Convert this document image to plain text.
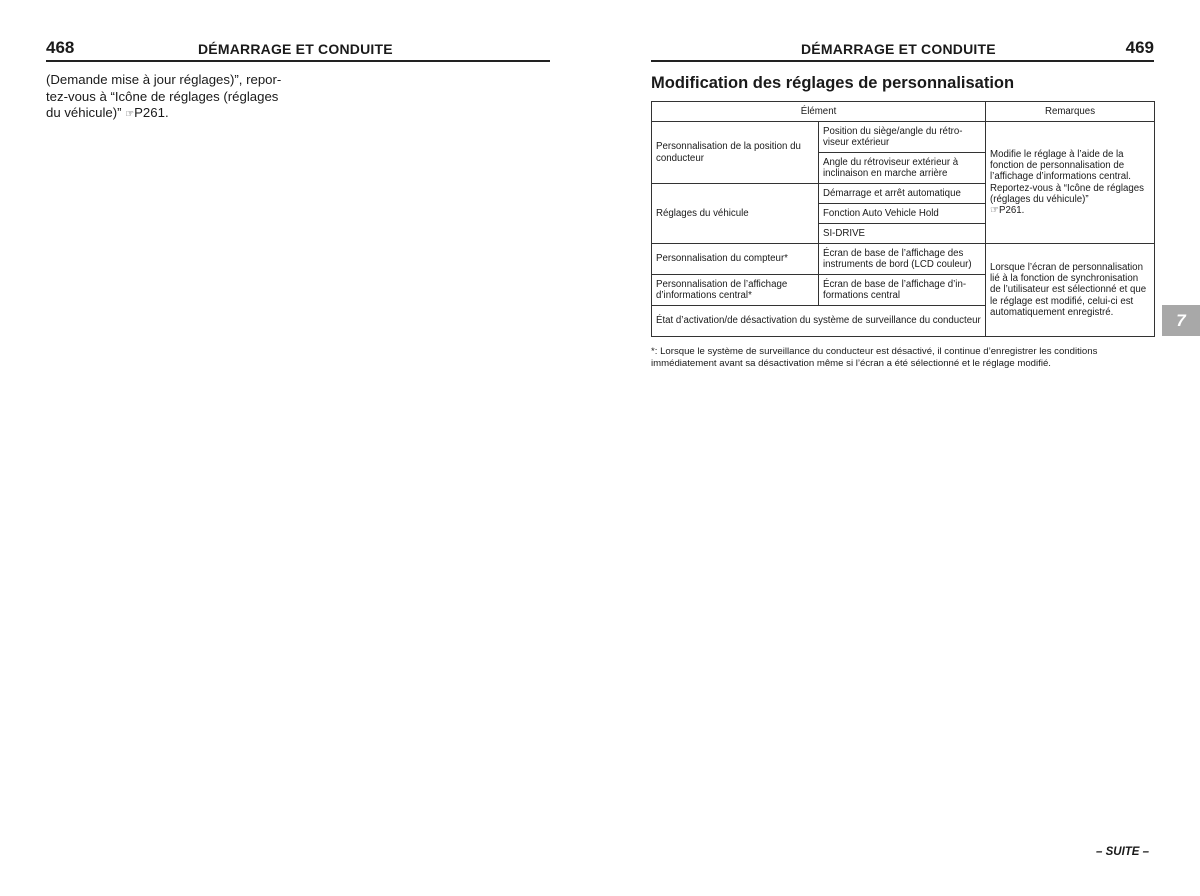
468	DÉMARRAGE ET CONDUITE
(Demande mise à jour réglages)”, repor-
tez-vous à “Icône de réglages (réglages
du véhicule)” ☞P261.
DÉMARRAGE ET CONDUITE	469
Modification des réglages de personnalisation
Élément		Remarques
Personnalisation de la position du conducteur	Position du siège/angle du rétro-viseur extérieur	Modifie le réglage à l’aide de la fonction de personnalisation de l’affichage d’informations central. Reportez-vous à “Icône de réglages (réglages du véhicule)”
☞P261.
	Angle du rétroviseur extérieur à inclinaison en marche arrière	
Réglages du véhicule	Démarrage et arrêt automatique	
	Fonction Auto Vehicle Hold	
	SI-DRIVE	
Personnalisation du compteur*	Écran de base de l’affichage des instruments de bord (LCD couleur)	Lorsque l’écran de personnalisation lié à la fonction de synchronisation de l’utilisateur est sélectionné et que le réglage est modifié, celui-ci est automatiquement enregistré.
Personnalisation de l’affichage d’informations central*	Écran de base de l’affichage d’in-formations central	
État d’activation/de désactivation du système de surveillance du conducteur		
*: Lorsque le système de surveillance du conducteur est désactivé, il continue d’enregistrer les conditions immédiatement avant sa désactivation même si l’écran a été sélectionné et le réglage modifié.
– SUITE –
7
